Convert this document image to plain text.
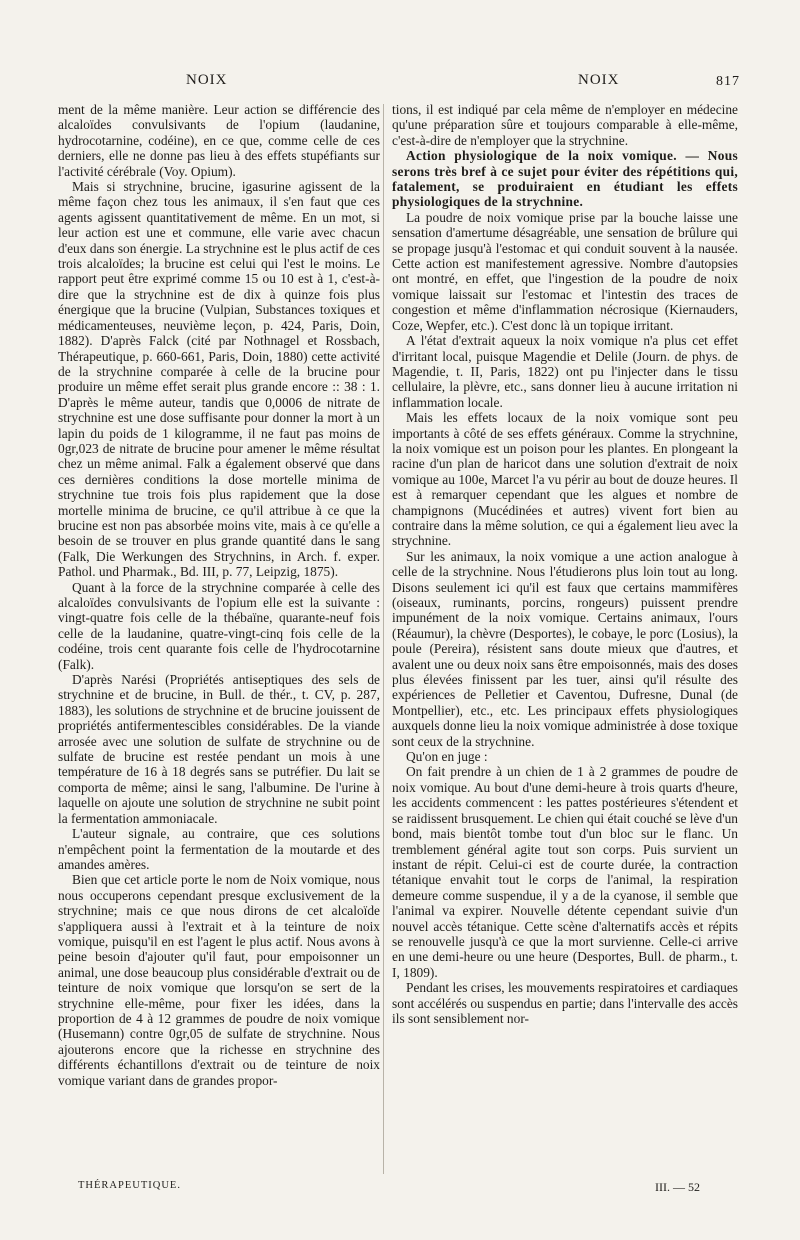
NOIX	NOIX	817

ment de la même manière. Leur action se différencie des alcaloïdes convulsivants de l'opium (laudanine, hydrocotarnine, codéine), en ce que, comme celle de ces derniers, elle ne donne pas lieu à des effets stupéfiants sur l'activité cérébrale (Voy. Opium).

Mais si strychnine, brucine, igasurine agissent de la même façon chez tous les animaux, il s'en faut que ces agents agissent quantitativement de même. En un mot, si leur action est une et commune, elle varie avec chacun d'eux dans son énergie. La strychnine est le plus actif de ces trois alcaloïdes; la brucine est celui qui l'est le moins. Le rapport peut être exprimé comme 15 ou 10 est à 1, c'est-à-dire que la strychnine est de dix à quinze fois plus énergique que la brucine (Vulpian, Substances toxiques et médicamenteuses, neuvième leçon, p. 424, Paris, Doin, 1882). D'après Falck (cité par Nothnagel et Rossbach, Thérapeutique, p. 660-661, Paris, Doin, 1880) cette activité de la strychnine comparée à celle de la brucine pour produire un même effet serait plus grande encore :: 38 : 1. D'après le même auteur, tandis que 0,0006 de nitrate de strychnine est une dose suffisante pour donner la mort à un lapin du poids de 1 kilogramme, il ne faut pas moins de 0gr,023 de nitrate de brucine pour amener le même résultat chez un même animal. Falk a également observé que dans ces dernières conditions la dose mortelle minima de strychnine tue trois fois plus rapidement que la dose mortelle minima de brucine, ce qu'il attribue à ce que la brucine est non pas absorbée moins vite, mais à ce qu'elle a besoin de se trouver en plus grande quantité dans le sang (Falk, Die Werkungen des Strychnins, in Arch. f. exper. Pathol. und Pharmak., Bd. III, p. 77, Leipzig, 1875).

Quant à la force de la strychnine comparée à celle des alcaloïdes convulsivants de l'opium elle est la suivante : vingt-quatre fois celle de la thébaïne, quarante-neuf fois celle de la laudanine, quatre-vingt-cinq fois celle de la codéine, trois cent quarante fois celle de l'hydrocotarnine (Falk).

D'après Narési (Propriétés antiseptiques des sels de strychnine et de brucine, in Bull. de thér., t. CV, p. 287, 1883), les solutions de strychnine et de brucine jouissent de propriétés antifermentescibles considérables. De la viande arrosée avec une solution de sulfate de strychnine ou de sulfate de brucine est restée pendant un mois à une température de 16 à 18 degrés sans se putréfier. Du lait se comporta de même; ainsi le sang, l'albumine. De l'urine à laquelle on ajoute une solution de strychnine ne subit point la fermentation ammoniacale.

L'auteur signale, au contraire, que ces solutions n'empêchent point la fermentation de la moutarde et des amandes amères.

Bien que cet article porte le nom de Noix vomique, nous nous occuperons cependant presque exclusivement de la strychnine; mais ce que nous dirons de cet alcaloïde s'appliquera aussi à l'extrait et à la teinture de noix vomique, puisqu'il en est l'agent le plus actif. Nous avons à peine besoin d'ajouter qu'il faut, pour empoisonner un animal, une dose beaucoup plus considérable d'extrait ou de teinture de noix vomique que lorsqu'on se sert de la strychnine elle-même, pour fixer les idées, dans la proportion de 4 à 12 grammes de poudre de noix vomique (Husemann) contre 0gr,05 de sulfate de strychnine. Nous ajouterons encore que la richesse en strychnine des différents échantillons d'extrait ou de teinture de noix vomique variant dans de grandes propor-

tions, il est indiqué par cela même de n'employer en médecine qu'une préparation sûre et toujours comparable à elle-même, c'est-à-dire de n'employer que la strychnine.

Action physiologique de la noix vomique. — Nous serons très bref à ce sujet pour éviter des répétitions qui, fatalement, se produiraient en étudiant les effets physiologiques de la strychnine.

La poudre de noix vomique prise par la bouche laisse une sensation d'amertume désagréable, une sensation de brûlure qui se propage jusqu'à l'estomac et qui conduit souvent à la nausée. Cette action est manifestement agressive. Nombre d'autopsies ont montré, en effet, que l'ingestion de la poudre de noix vomique laissait sur l'estomac et l'intestin des traces de congestion et même d'inflammation nécrosique (Kiernauders, Coze, Wepfer, etc.). C'est donc là un topique irritant.

A l'état d'extrait aqueux la noix vomique n'a plus cet effet d'irritant local, puisque Magendie et Delile (Journ. de phys. de Magendie, t. II, Paris, 1822) ont pu l'injecter dans le tissu cellulaire, la plèvre, etc., sans donner lieu à aucune irritation ni inflammation locale.

Mais les effets locaux de la noix vomique sont peu importants à côté de ses effets généraux. Comme la strychnine, la noix vomique est un poison pour les plantes. En plongeant la racine d'un plan de haricot dans une solution d'extrait de noix vomique au 100e, Marcet l'a vu périr au bout de douze heures. Il est à remarquer cependant que les algues et nombre de champignons (Mucédinées et autres) vivent fort bien au contraire dans la même solution, ce qui a également lieu avec la strychnine.

Sur les animaux, la noix vomique a une action analogue à celle de la strychnine. Nous l'étudierons plus loin tout au long. Disons seulement ici qu'il est faux que certains mammifères (oiseaux, ruminants, porcins, rongeurs) puissent prendre impunément de la noix vomique. Certains animaux, l'ours (Réaumur), la chèvre (Desportes), le cobaye, le porc (Losius), la poule (Pereira), résistent sans doute mieux que d'autres, et avalent une ou deux noix sans être empoisonnés, mais des doses plus élevées finissent par les tuer, ainsi qu'il résulte des expériences de Pelletier et Caventou, Dufresne, Dunal (de Montpellier), etc., etc. Les principaux effets physiologiques auxquels donne lieu la noix vomique administrée à dose toxique sont ceux de la strychnine.

Qu'on en juge :

On fait prendre à un chien de 1 à 2 grammes de poudre de noix vomique. Au bout d'une demi-heure à trois quarts d'heure, les accidents commencent : les pattes postérieures s'étendent et se raidissent brusquement. Le chien qui était couché se lève d'un bond, mais bientôt tombe tout d'un bloc sur le flanc. Un tremblement général agite tout son corps. Puis survient un instant de répit. Celui-ci est de courte durée, la contraction tétanique envahit tout le corps de l'animal, la respiration demeure comme suspendue, il y a de la cyanose, il semble que l'animal va expirer. Nouvelle détente cependant suivie d'un nouvel accès tétanique. Cette scène d'alternatifs accès et répits se renouvelle jusqu'à ce que la mort survienne. Celle-ci arrive en une demi-heure ou une heure (Desportes, Bull. de pharm., t. I, 1809).

Pendant les crises, les mouvements respiratoires et cardiaques sont accélérés ou suspendus en partie; dans l'intervalle des accès ils sont sensiblement nor-

THÉRAPEUTIQUE.	III. — 52
